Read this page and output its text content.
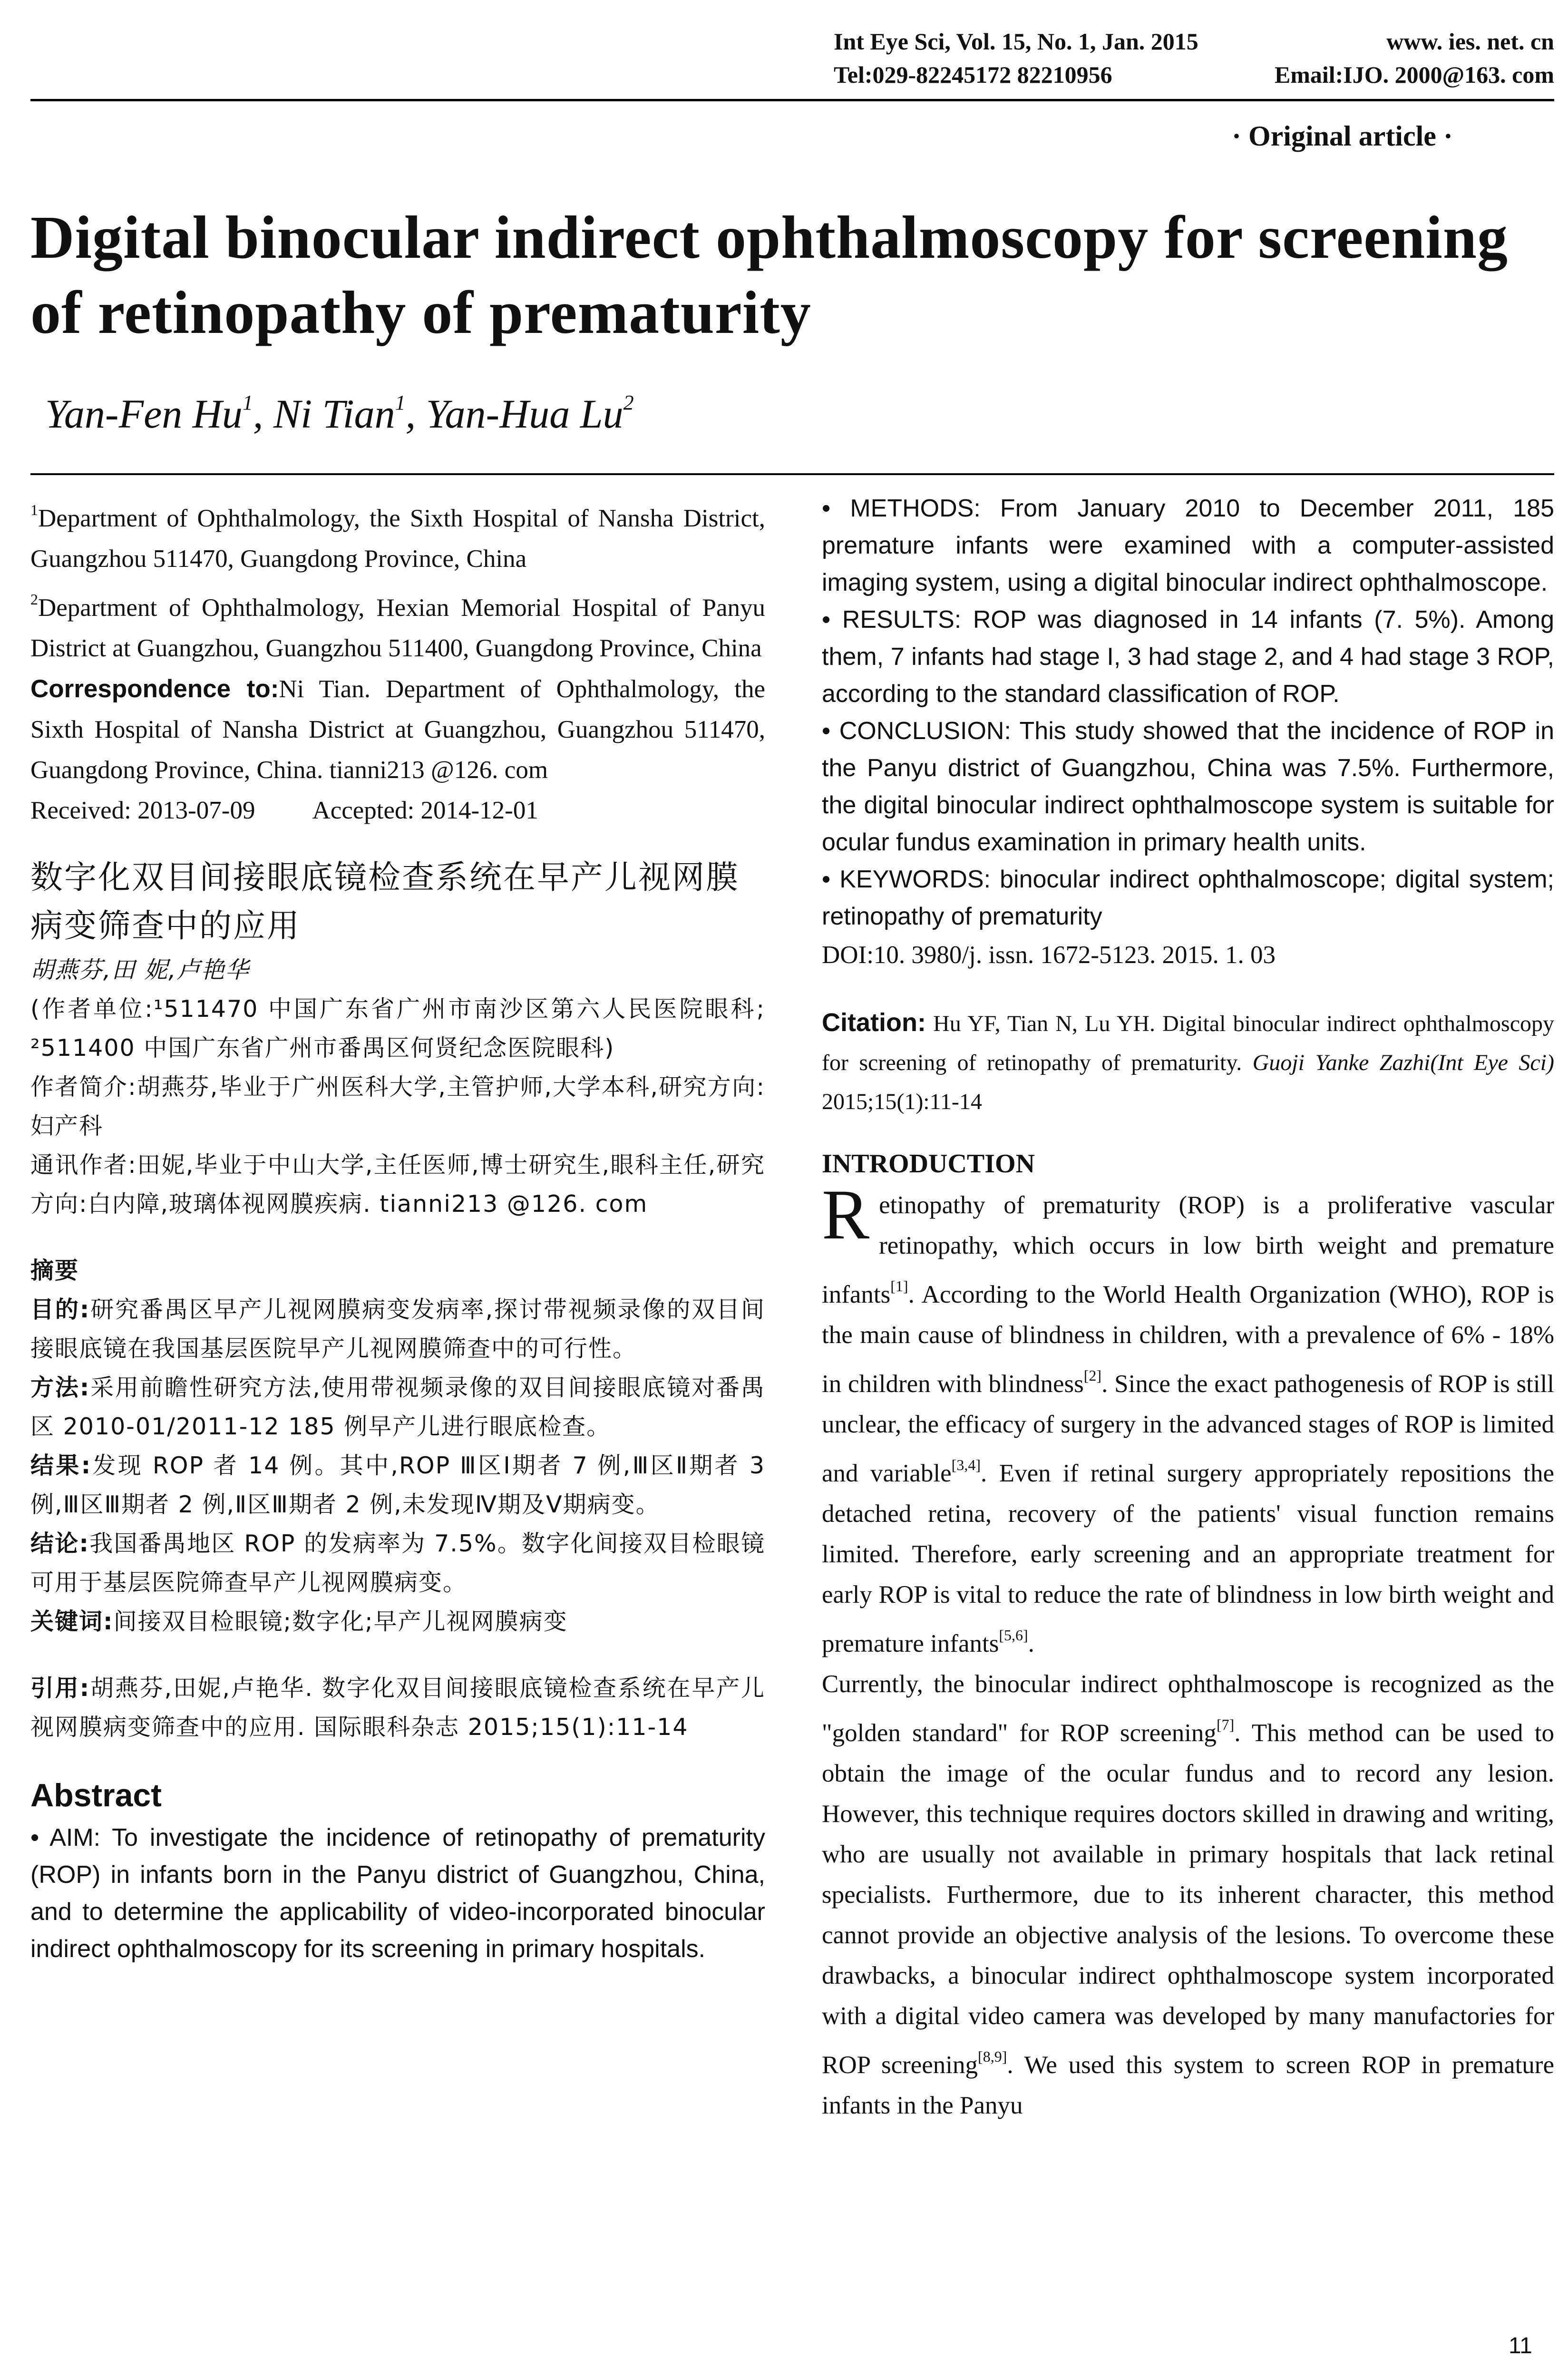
Int Eye Sci, Vol. 15, No. 1, Jan. 2015	www. ies. net. cn
Tel:029-82245172 82210956	Email:IJO. 2000@163. com
· Original article ·
Digital binocular indirect ophthalmoscopy for screening
of retinopathy of prematurity
Yan-Fen Hu$^1$, Ni Tian$^1$, Yan-Hua Lu$^2$

$^1$Department of Ophthalmology, the Sixth Hospital of Nansha District, Guangzhou 511470, Guangdong Province, China

$^2$Department of Ophthalmology, Hexian Memorial Hospital of Panyu District at Guangzhou, Guangzhou 511400, Guangdong Province, China

Correspondence to:Ni Tian. Department of Ophthalmology, the Sixth Hospital of Nansha District at Guangzhou, Guangzhou 511470, Guangdong Province, China. tianni213 @126. com

Received: 2013-07-09 Accepted: 2014-12-01

数字化双目间接眼底镜检查系统在早产儿视网膜病变筛查中的应用

胡燕芬,田 妮,卢艳华

(作者单位:¹511470 中国广东省广州市南沙区第六人民医院眼科; ²511400 中国广东省广州市番禺区何贤纪念医院眼科)

作者简介:胡燕芬,毕业于广州医科大学,主管护师,大学本科,研究方向:妇产科

通讯作者:田妮,毕业于中山大学,主任医师,博士研究生,眼科主任,研究方向:白内障,玻璃体视网膜疾病. tianni213 @126. com

摘要

目的:研究番禺区早产儿视网膜病变发病率,探讨带视频录像的双目间接眼底镜在我国基层医院早产儿视网膜筛查中的可行性。

方法:采用前瞻性研究方法,使用带视频录像的双目间接眼底镜对番禺区 2010-01/2011-12 185 例早产儿进行眼底检查。

结果:发现 ROP 者 14 例。其中,ROP Ⅲ区Ⅰ期者 7 例,Ⅲ区Ⅱ期者 3 例,Ⅲ区Ⅲ期者 2 例,Ⅱ区Ⅲ期者 2 例,未发现Ⅳ期及Ⅴ期病变。

结论:我国番禺地区 ROP 的发病率为 7.5%。数字化间接双目检眼镜可用于基层医院筛查早产儿视网膜病变。

关键词:间接双目检眼镜;数字化;早产儿视网膜病变

引用:胡燕芬,田妮,卢艳华. 数字化双目间接眼底镜检查系统在早产儿视网膜病变筛查中的应用. 国际眼科杂志 2015;15(1):11-14

Abstract

• AIM: To investigate the incidence of retinopathy of prematurity (ROP) in infants born in the Panyu district of Guangzhou, China, and to determine the applicability of video-incorporated binocular indirect ophthalmoscopy for its screening in primary hospitals.

• METHODS: From January 2010 to December 2011, 185 premature infants were examined with a computer-assisted imaging system, using a digital binocular indirect ophthalmoscope.

• RESULTS: ROP was diagnosed in 14 infants (7. 5%). Among them, 7 infants had stage I, 3 had stage 2, and 4 had stage 3 ROP, according to the standard classification of ROP.

• CONCLUSION: This study showed that the incidence of ROP in the Panyu district of Guangzhou, China was 7.5%. Furthermore, the digital binocular indirect ophthalmoscope system is suitable for ocular fundus examination in primary health units.

• KEYWORDS: binocular indirect ophthalmoscope; digital system; retinopathy of prematurity

DOI:10. 3980/j. issn. 1672-5123. 2015. 1. 03

Citation: Hu YF, Tian N, Lu YH. Digital binocular indirect ophthalmoscopy for screening of retinopathy of prematurity. Guoji Yanke Zazhi(Int Eye Sci) 2015;15(1):11-14

INTRODUCTION

Retinopathy of prematurity (ROP) is a proliferative vascular retinopathy, which occurs in low birth weight and premature infants[1]. According to the World Health Organization (WHO), ROP is the main cause of blindness in children, with a prevalence of 6% - 18% in children with blindness[2]. Since the exact pathogenesis of ROP is still unclear, the efficacy of surgery in the advanced stages of ROP is limited and variable[3,4]. Even if retinal surgery appropriately repositions the detached retina, recovery of the patients' visual function remains limited. Therefore, early screening and an appropriate treatment for early ROP is vital to reduce the rate of blindness in low birth weight and premature infants[5,6].

Currently, the binocular indirect ophthalmoscope is recognized as the "golden standard" for ROP screening[7]. This method can be used to obtain the image of the ocular fundus and to record any lesion. However, this technique requires doctors skilled in drawing and writing, who are usually not available in primary hospitals that lack retinal specialists. Furthermore, due to its inherent character, this method cannot provide an objective analysis of the lesions. To overcome these drawbacks, a binocular indirect ophthalmoscope system incorporated with a digital video camera was developed by many manufactories for ROP screening[8,9]. We used this system to screen ROP in premature infants in the Panyu

11
